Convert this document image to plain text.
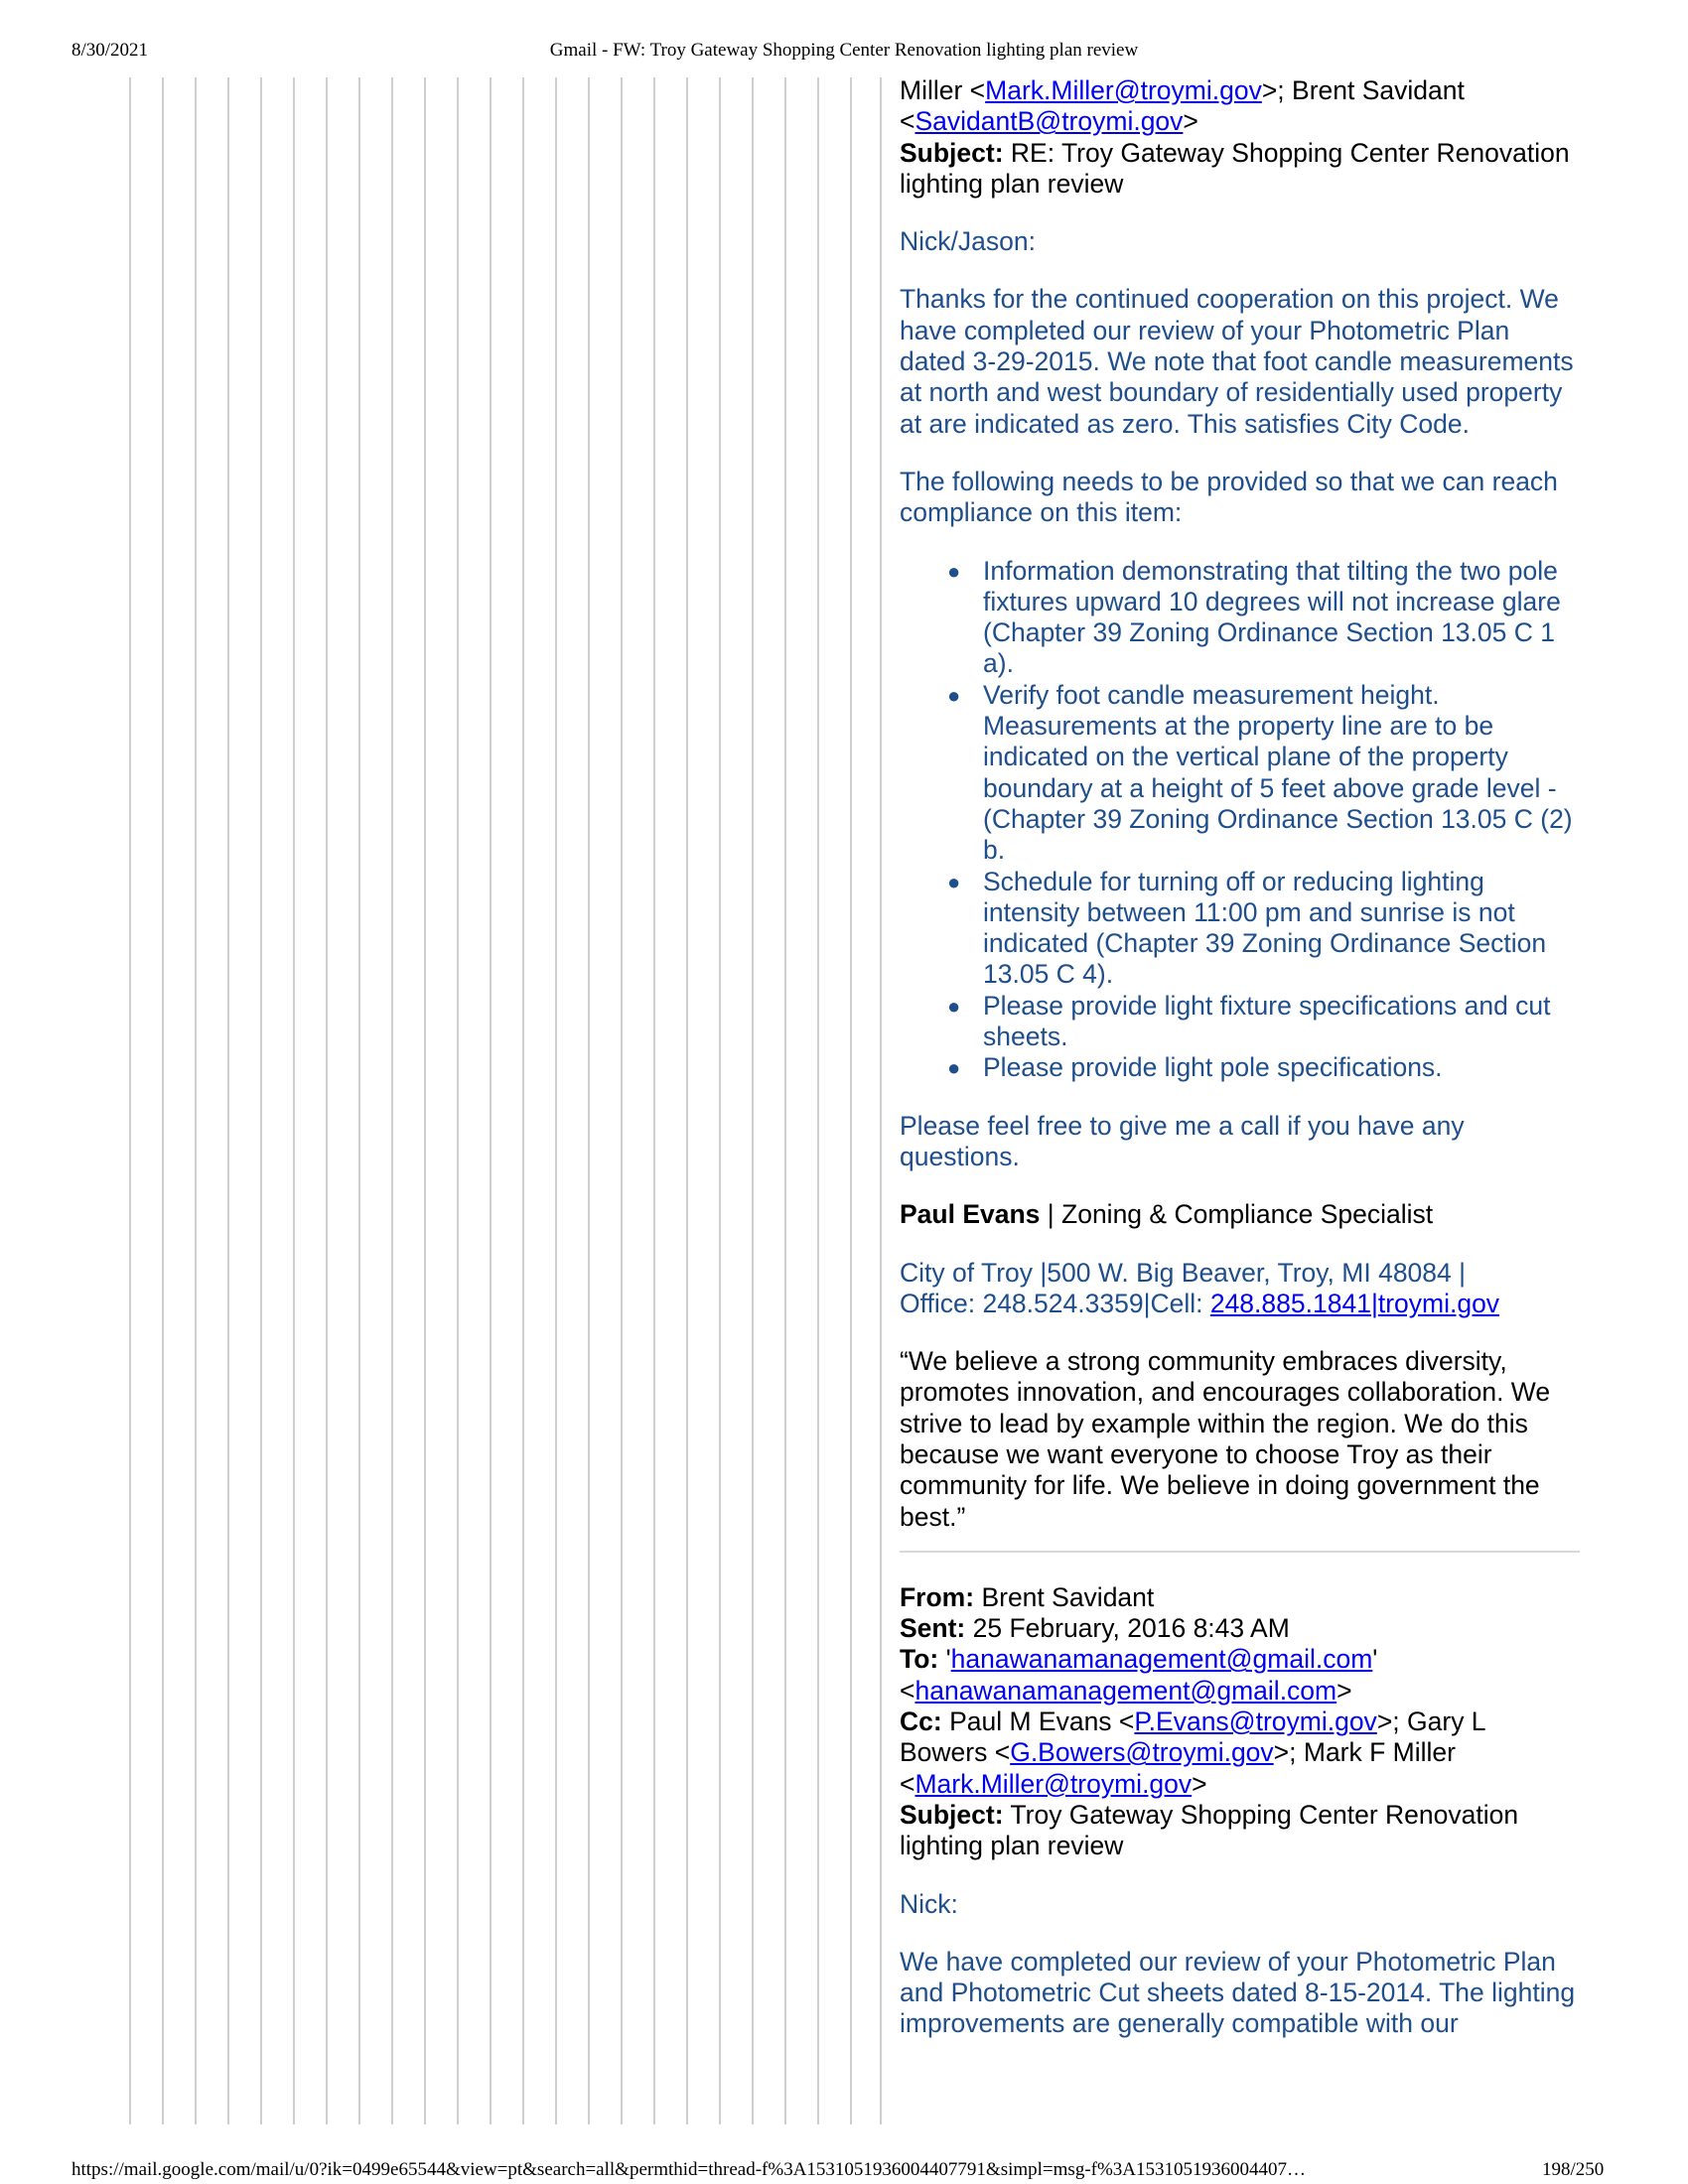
8/30/2021	Gmail - FW: Troy Gateway Shopping Center Renovation lighting plan review

Miller <Mark.Miller@troymi.gov>; Brent Savidant
<SavidantB@troymi.gov>
Subject: RE: Troy Gateway Shopping Center Renovation lighting plan review

Nick/Jason:

Thanks for the continued cooperation on this project. We have completed our review of your Photometric Plan dated 3-29-2015. We note that foot candle measurements at north and west boundary of residentially used property at are indicated as zero. This satisfies City Code.

The following needs to be provided so that we can reach compliance on this item:

● Information demonstrating that tilting the two pole fixtures upward 10 degrees will not increase glare (Chapter 39 Zoning Ordinance Section 13.05 C 1 a).
● Verify foot candle measurement height. Measurements at the property line are to be indicated on the vertical plane of the property boundary at a height of 5 feet above grade level - (Chapter 39 Zoning Ordinance Section 13.05 C (2) b.
● Schedule for turning off or reducing lighting intensity between 11:00 pm and sunrise is not indicated (Chapter 39 Zoning Ordinance Section 13.05 C 4).
● Please provide light fixture specifications and cut sheets.
● Please provide light pole specifications.

Please feel free to give me a call if you have any questions.

Paul Evans | Zoning & Compliance Specialist

City of Troy |500 W. Big Beaver, Troy, MI 48084 |
Office: 248.524.3359|Cell: 248.885.1841|troymi.gov

“We believe a strong community embraces diversity, promotes innovation, and encourages collaboration. We strive to lead by example within the region. We do this because we want everyone to choose Troy as their community for life. We believe in doing government the best.”

From: Brent Savidant
Sent: 25 February, 2016 8:43 AM
To: 'hanawanamanagement@gmail.com'
<hanawanamanagement@gmail.com>
Cc: Paul M Evans <P.Evans@troymi.gov>; Gary L Bowers <G.Bowers@troymi.gov>; Mark F Miller <Mark.Miller@troymi.gov>
Subject: Troy Gateway Shopping Center Renovation lighting plan review

Nick:

We have completed our review of your Photometric Plan and Photometric Cut sheets dated 8-15-2014. The lighting improvements are generally compatible with our

https://mail.google.com/mail/u/0?ik=0499e65544&view=pt&search=all&permthid=thread-f%3A1531051936004407791&simpl=msg-f%3A1531051936004407…	198/250
